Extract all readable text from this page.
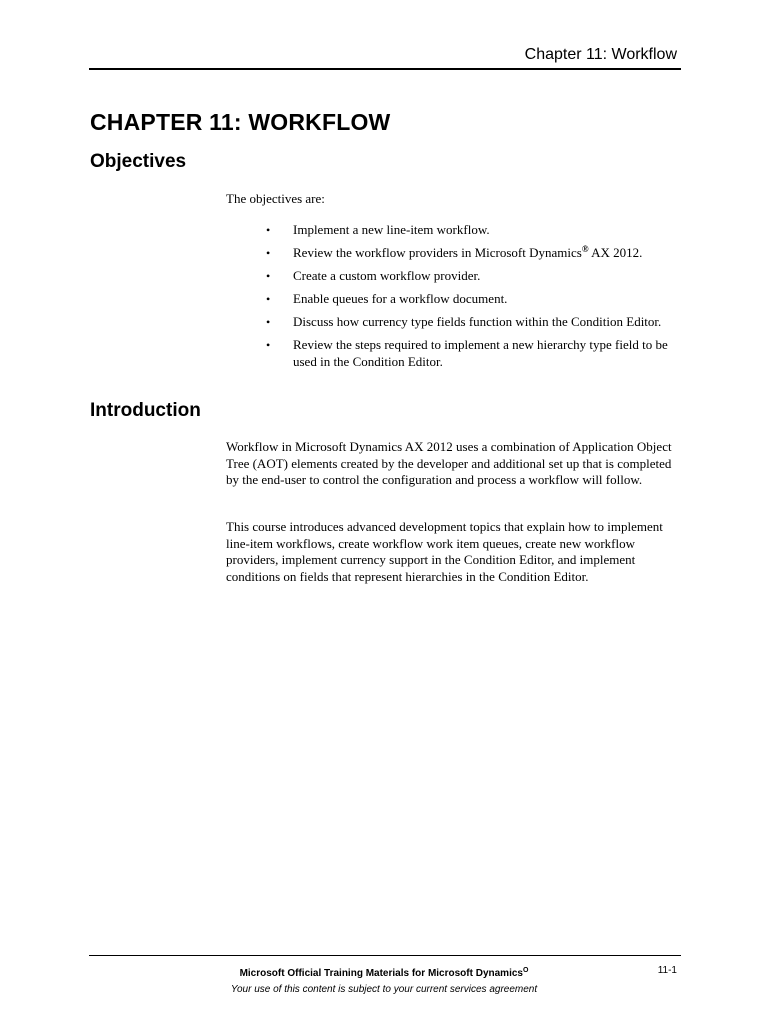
Chapter 11: Workflow
CHAPTER 11: WORKFLOW
Objectives

The objectives are:

• Implement a new line-item workflow.
• Review the workflow providers in Microsoft Dynamics® AX 2012.
• Create a custom workflow provider.
• Enable queues for a workflow document.
• Discuss how currency type fields function within the Condition Editor.
• Review the steps required to implement a new hierarchy type field to be used in the Condition Editor.
Introduction

Workflow in Microsoft Dynamics AX 2012 uses a combination of Application Object Tree (AOT) elements created by the developer and additional set up that is completed by the end-user to control the configuration and process a workflow will follow.

This course introduces advanced development topics that explain how to implement line-item workflows, create workflow work item queues, create new workflow providers, implement currency support in the Condition Editor, and implement conditions on fields that represent hierarchies in the Condition Editor.

Microsoft Official Training Materials for Microsoft Dynamics$^O$
Your use of this content is subject to your current services agreement
11-1
